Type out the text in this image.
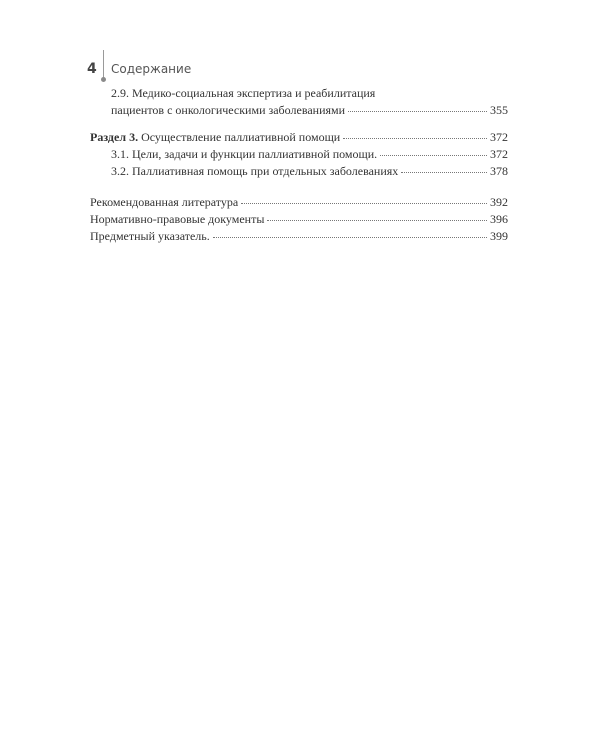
4 Содержание
2.9. Медико-социальная экспертиза и реабилитация
пациентов с онкологическими заболеваниями	355
Раздел 3. Осуществление паллиативной помощи	372
3.1. Цели, задачи и функции паллиативной помощи.	372
3.2. Паллиативная помощь при отдельных заболеваниях	378
Рекомендованная литература	392
Нормативно-правовые документы	396
Предметный указатель.	399
